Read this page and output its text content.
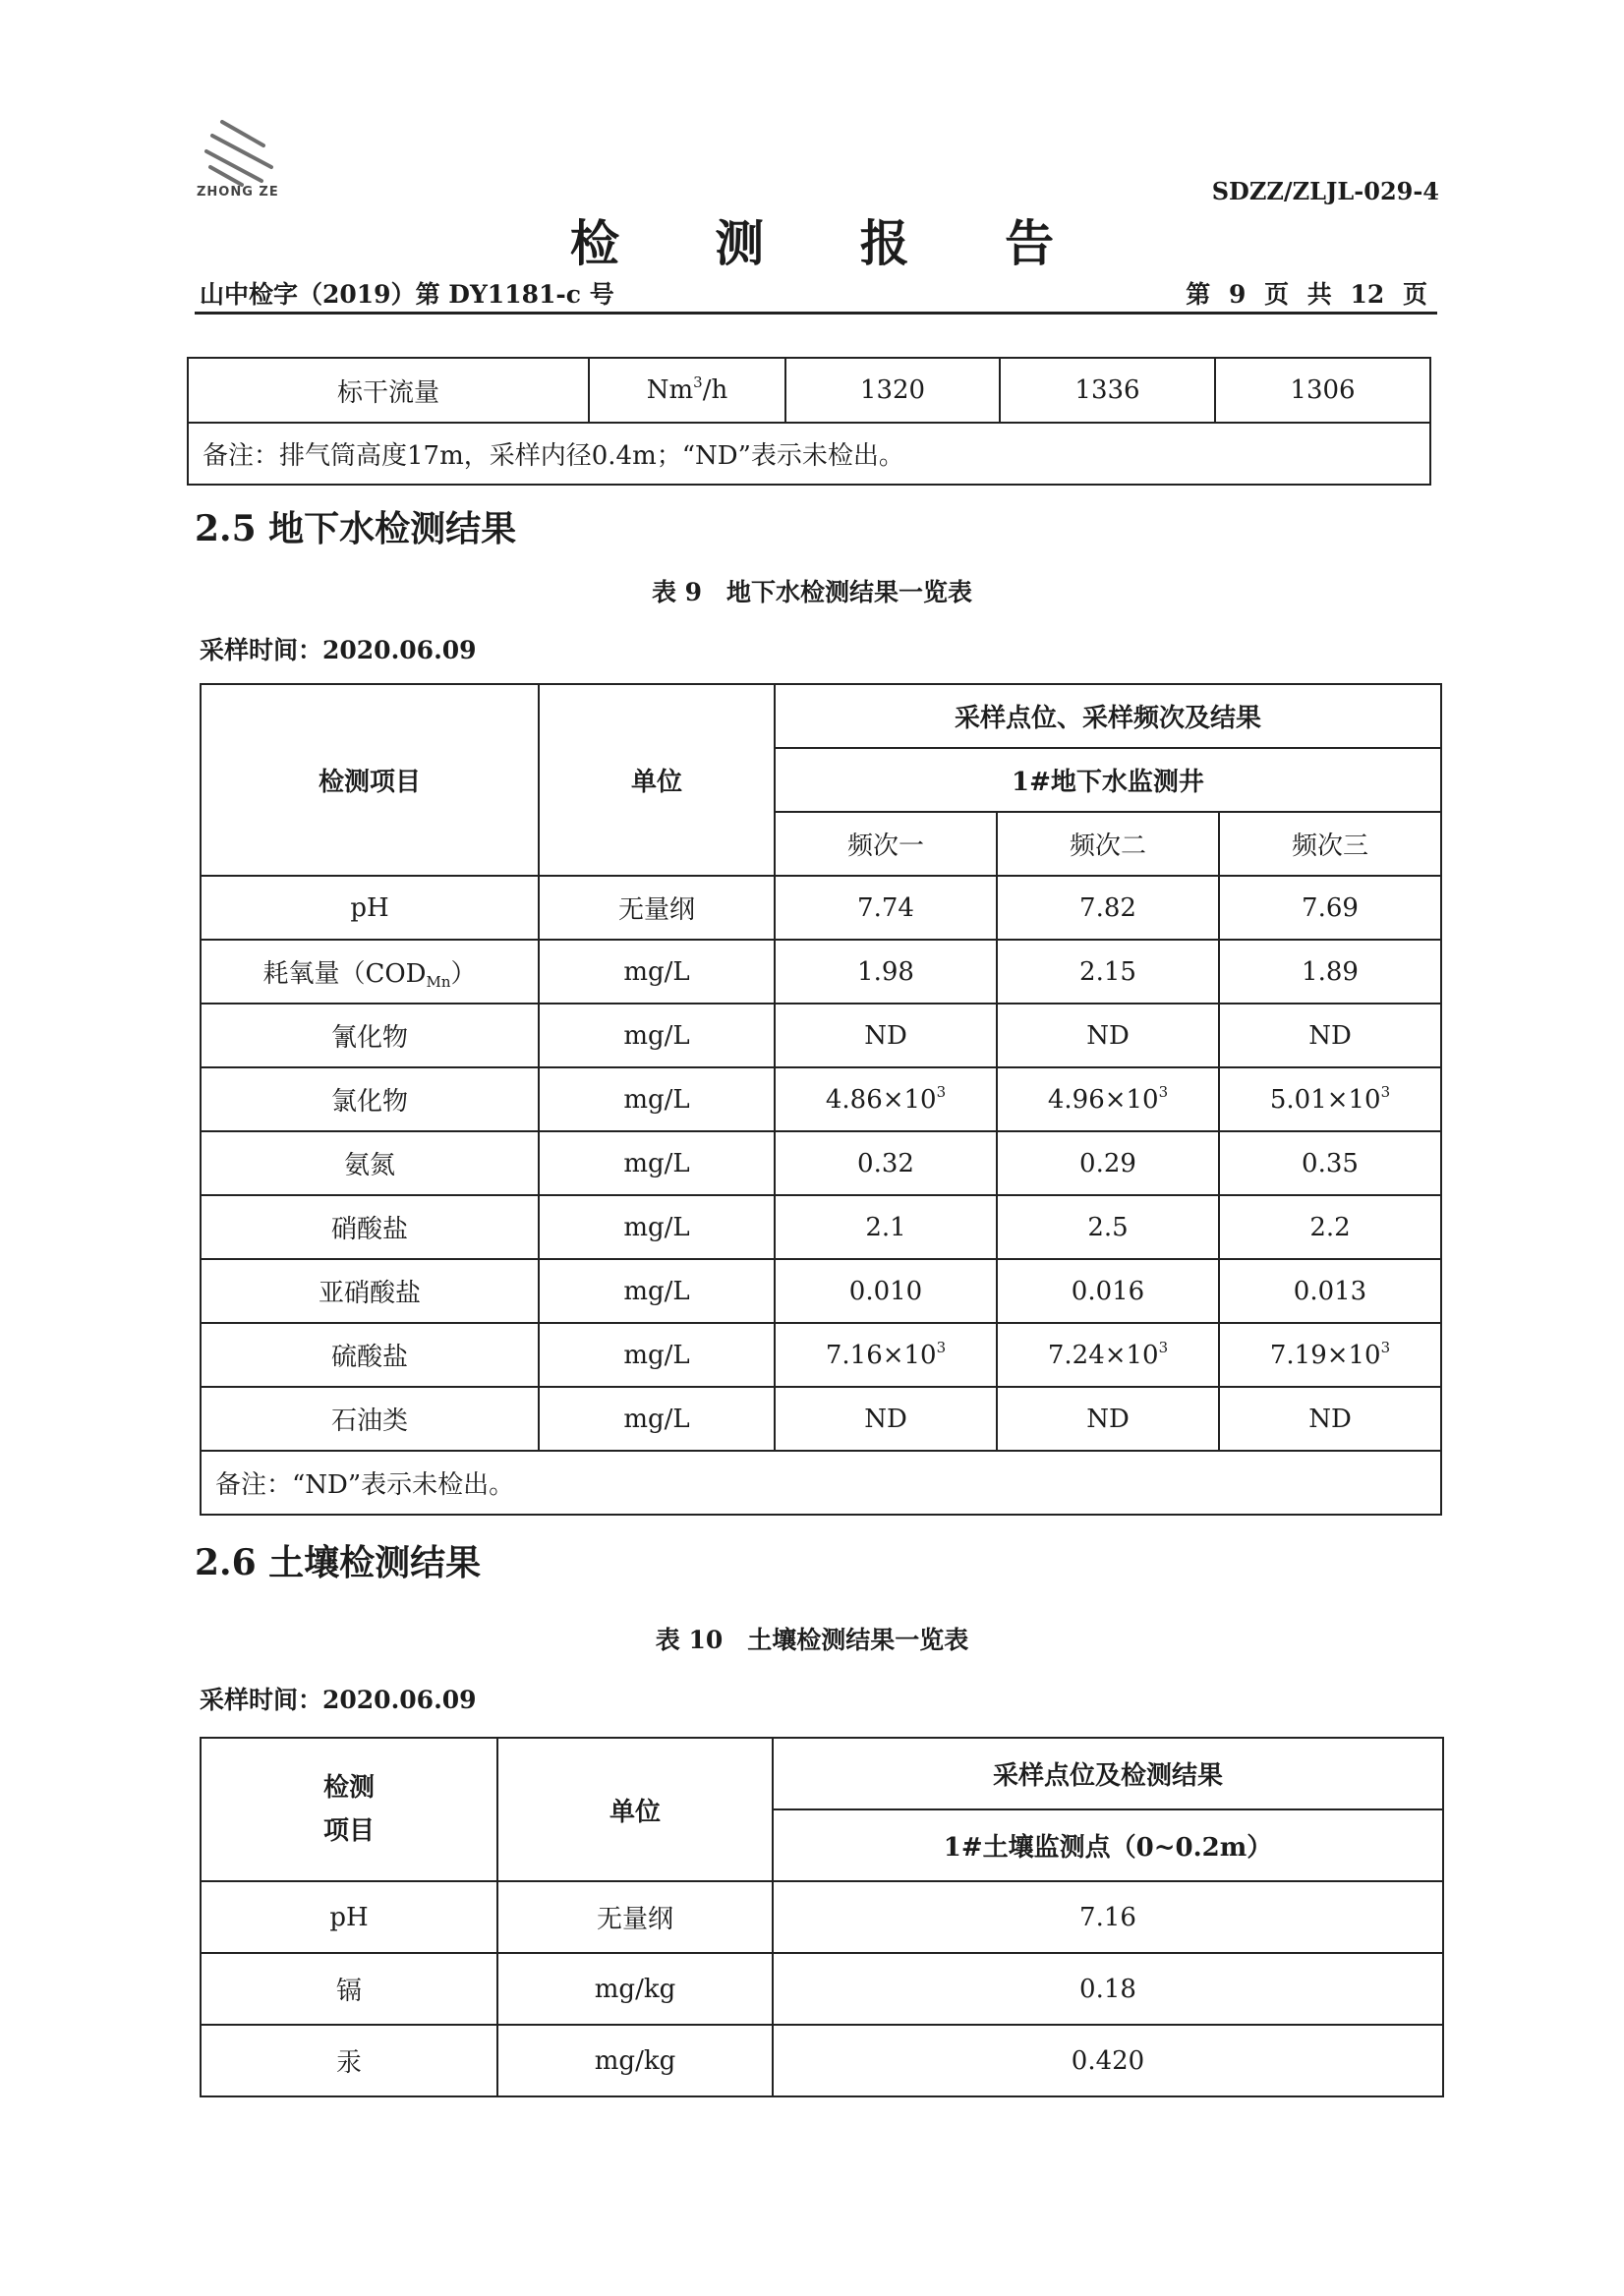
ZHONG ZE	SDZZ/ZLJL-029-4
检 测 报 告
山中检字（2019）第 DY1181-c 号	第 9 页 共 12 页
标干流量	Nm$^3$/h	1320	1336	1306
备注：排气筒高度17m，采样内径0.4m；“ND”表示未检出。
2.5 地下水检测结果
表 9　地下水检测结果一览表
采样时间：2020.06.09
检测项目	单位	采样点位、采样频次及结果		
		1#地下水监测井		
		频次一	频次二	频次三
pH	无量纲	7.74	7.82	7.69
耗氧量$(COD_{Mn})$	mg/L	1.98	2.15	1.89
氰化物	mg/L	ND	ND	ND
氯化物	mg/L	$4.86\times 10^3$	$4.96\times 10^3$	$5.01\times 10^3$
氨氮	mg/L	0.32	0.29	0.35
硝酸盐	mg/L	2.1	2.5	2.2
亚硝酸盐	mg/L	0.010	0.016	0.013
硫酸盐	mg/L	$7.16\times 10^3$	$7.24\times 10^3$	$7.19\times 10^3$
石油类	mg/L	ND	ND	ND
备注：“ND”表示未检出。				
2.6 土壤检测结果
表 10　土壤检测结果一览表
采样时间：2020.06.09
检测
项目	单位	采样点位及检测结果
		1#土壤监测点（0~0.2m）
pH	无量纲	7.16
镉	mg/kg	0.18
汞	mg/kg	0.420
